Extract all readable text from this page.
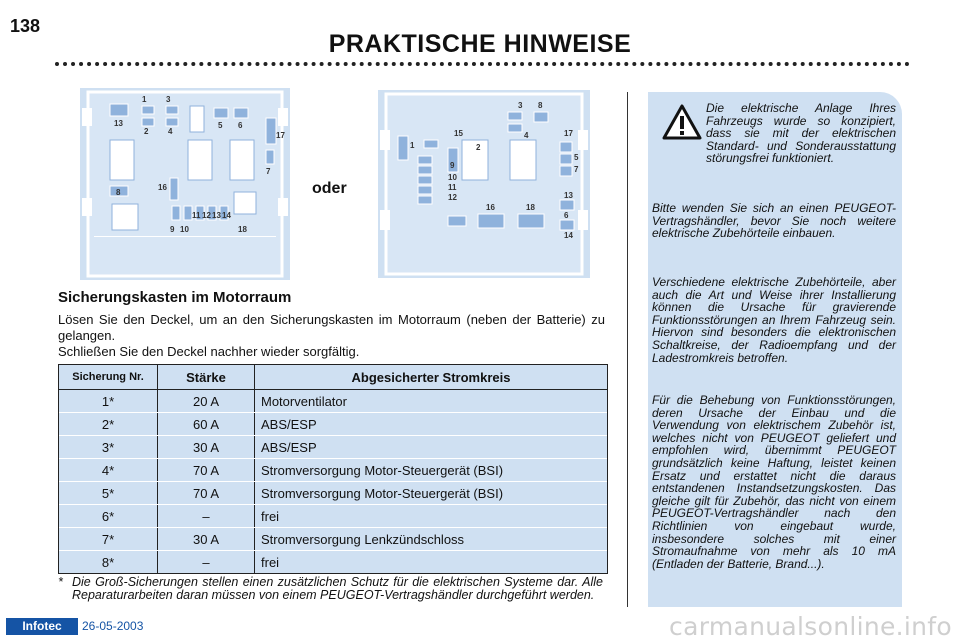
138
PRAKTISCHE HINWEISE
1 3
13
2 4
5 6
17
7
8
16
9 10
11 12 13 14
18
oder
3 8
1
15
2
4	17
9
5
10
7
11
12	13
6
16	18
14
Sicherungskasten im Motorraum

Lösen Sie den Deckel, um an den Sicherungskasten im Motorraum (neben der Batterie) zu gelangen.

Schließen Sie den Deckel nachher wieder sorgfältig.

Sicherung Nr.	Stärke	Abgesicherter Stromkreis
1*	20 A	Motorventilator
2*	60 A	ABS/ESP
3*	30 A	ABS/ESP
4*	70 A	Stromversorgung Motor-Steuergerät (BSI)
5*	70 A	Stromversorgung Motor-Steuergerät (BSI)
6*	–	frei
7*	30 A	Stromversorgung Lenkzündschloss
8*	–	frei
* Die Groß-Sicherungen stellen einen zusätzlichen Schutz für die elektrischen Systeme dar. Alle Reparaturarbeiten daran müssen von einem PEUGEOT-Vertragshändler durchgeführt werden.

Die elektrische Anlage Ihres Fahrzeugs wurde so konzipiert, dass sie mit der elektrischen Standard- und Sonderausstattung störungsfrei funktioniert.

Bitte wenden Sie sich an einen PEUGEOT-Vertragshändler, bevor Sie noch weitere elektrische Zubehörteile einbauen.

Verschiedene elektrische Zubehörteile, aber auch die Art und Weise ihrer Installierung können die Ursache für gravierende Funktionsstörungen an Ihrem Fahrzeug sein. Hiervon sind besonders die elektronischen Schaltkreise, der Radioempfang und der Ladestromkreis betroffen.

Für die Behebung von Funktionsstörungen, deren Ursache der Einbau und die Verwendung von elektrischem Zubehör ist, welches nicht von PEUGEOT geliefert und empfohlen wird, übernimmt PEUGEOT grundsätzlich keine Haftung, leistet keinen Ersatz und erstattet nicht die daraus entstandenen Instandsetzungskosten. Das gleiche gilt für Zubehör, das nicht von einem PEUGEOT-Vertragshändler nach den Richtlinien von eingebaut wurde, insbesondere solches mit einer Stromaufnahme von mehr als 10 mA (Entladen der Batterie, Brand...).

Infotec	26-05-2003	carmanualsonline.info
